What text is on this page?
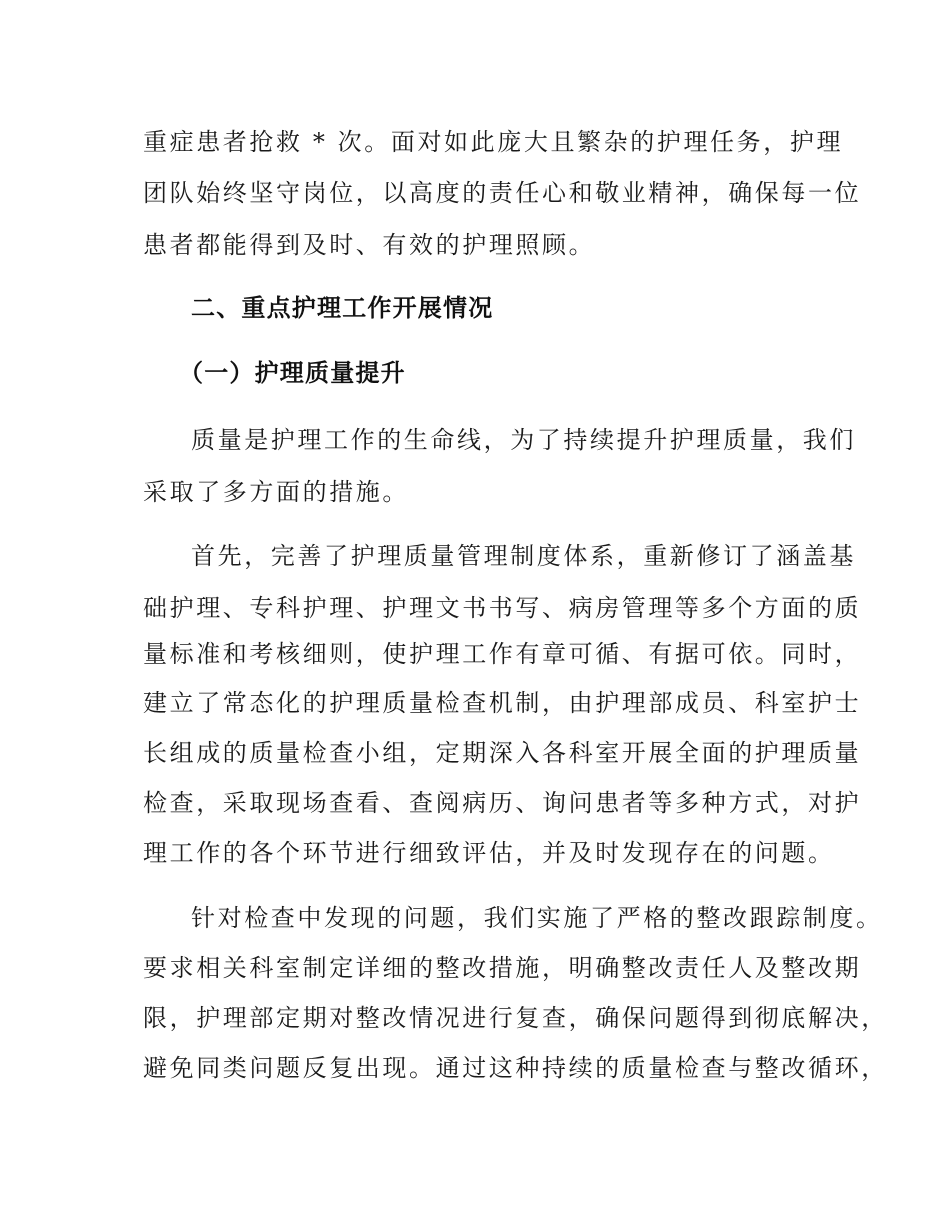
重症患者抢救 * 次。面对如此庞大且繁杂的护理任务，护理
团队始终坚守岗位，以高度的责任心和敬业精神，确保每一位
患者都能得到及时、有效的护理照顾。
二、重点护理工作开展情况
（一）护理质量提升
质量是护理工作的生命线，为了持续提升护理质量，我们
采取了多方面的措施。
首先，完善了护理质量管理制度体系，重新修订了涵盖基
础护理、专科护理、护理文书书写、病房管理等多个方面的质
量标准和考核细则，使护理工作有章可循、有据可依。同时，
建立了常态化的护理质量检查机制，由护理部成员、科室护士
长组成的质量检查小组，定期深入各科室开展全面的护理质量
检查，采取现场查看、查阅病历、询问患者等多种方式，对护
理工作的各个环节进行细致评估，并及时发现存在的问题。
针对检查中发现的问题，我们实施了严格的整改跟踪制度。
要求相关科室制定详细的整改措施，明确整改责任人及整改期
限，护理部定期对整改情况进行复查，确保问题得到彻底解决，
避免同类问题反复出现。通过这种持续的质量检查与整改循环，
